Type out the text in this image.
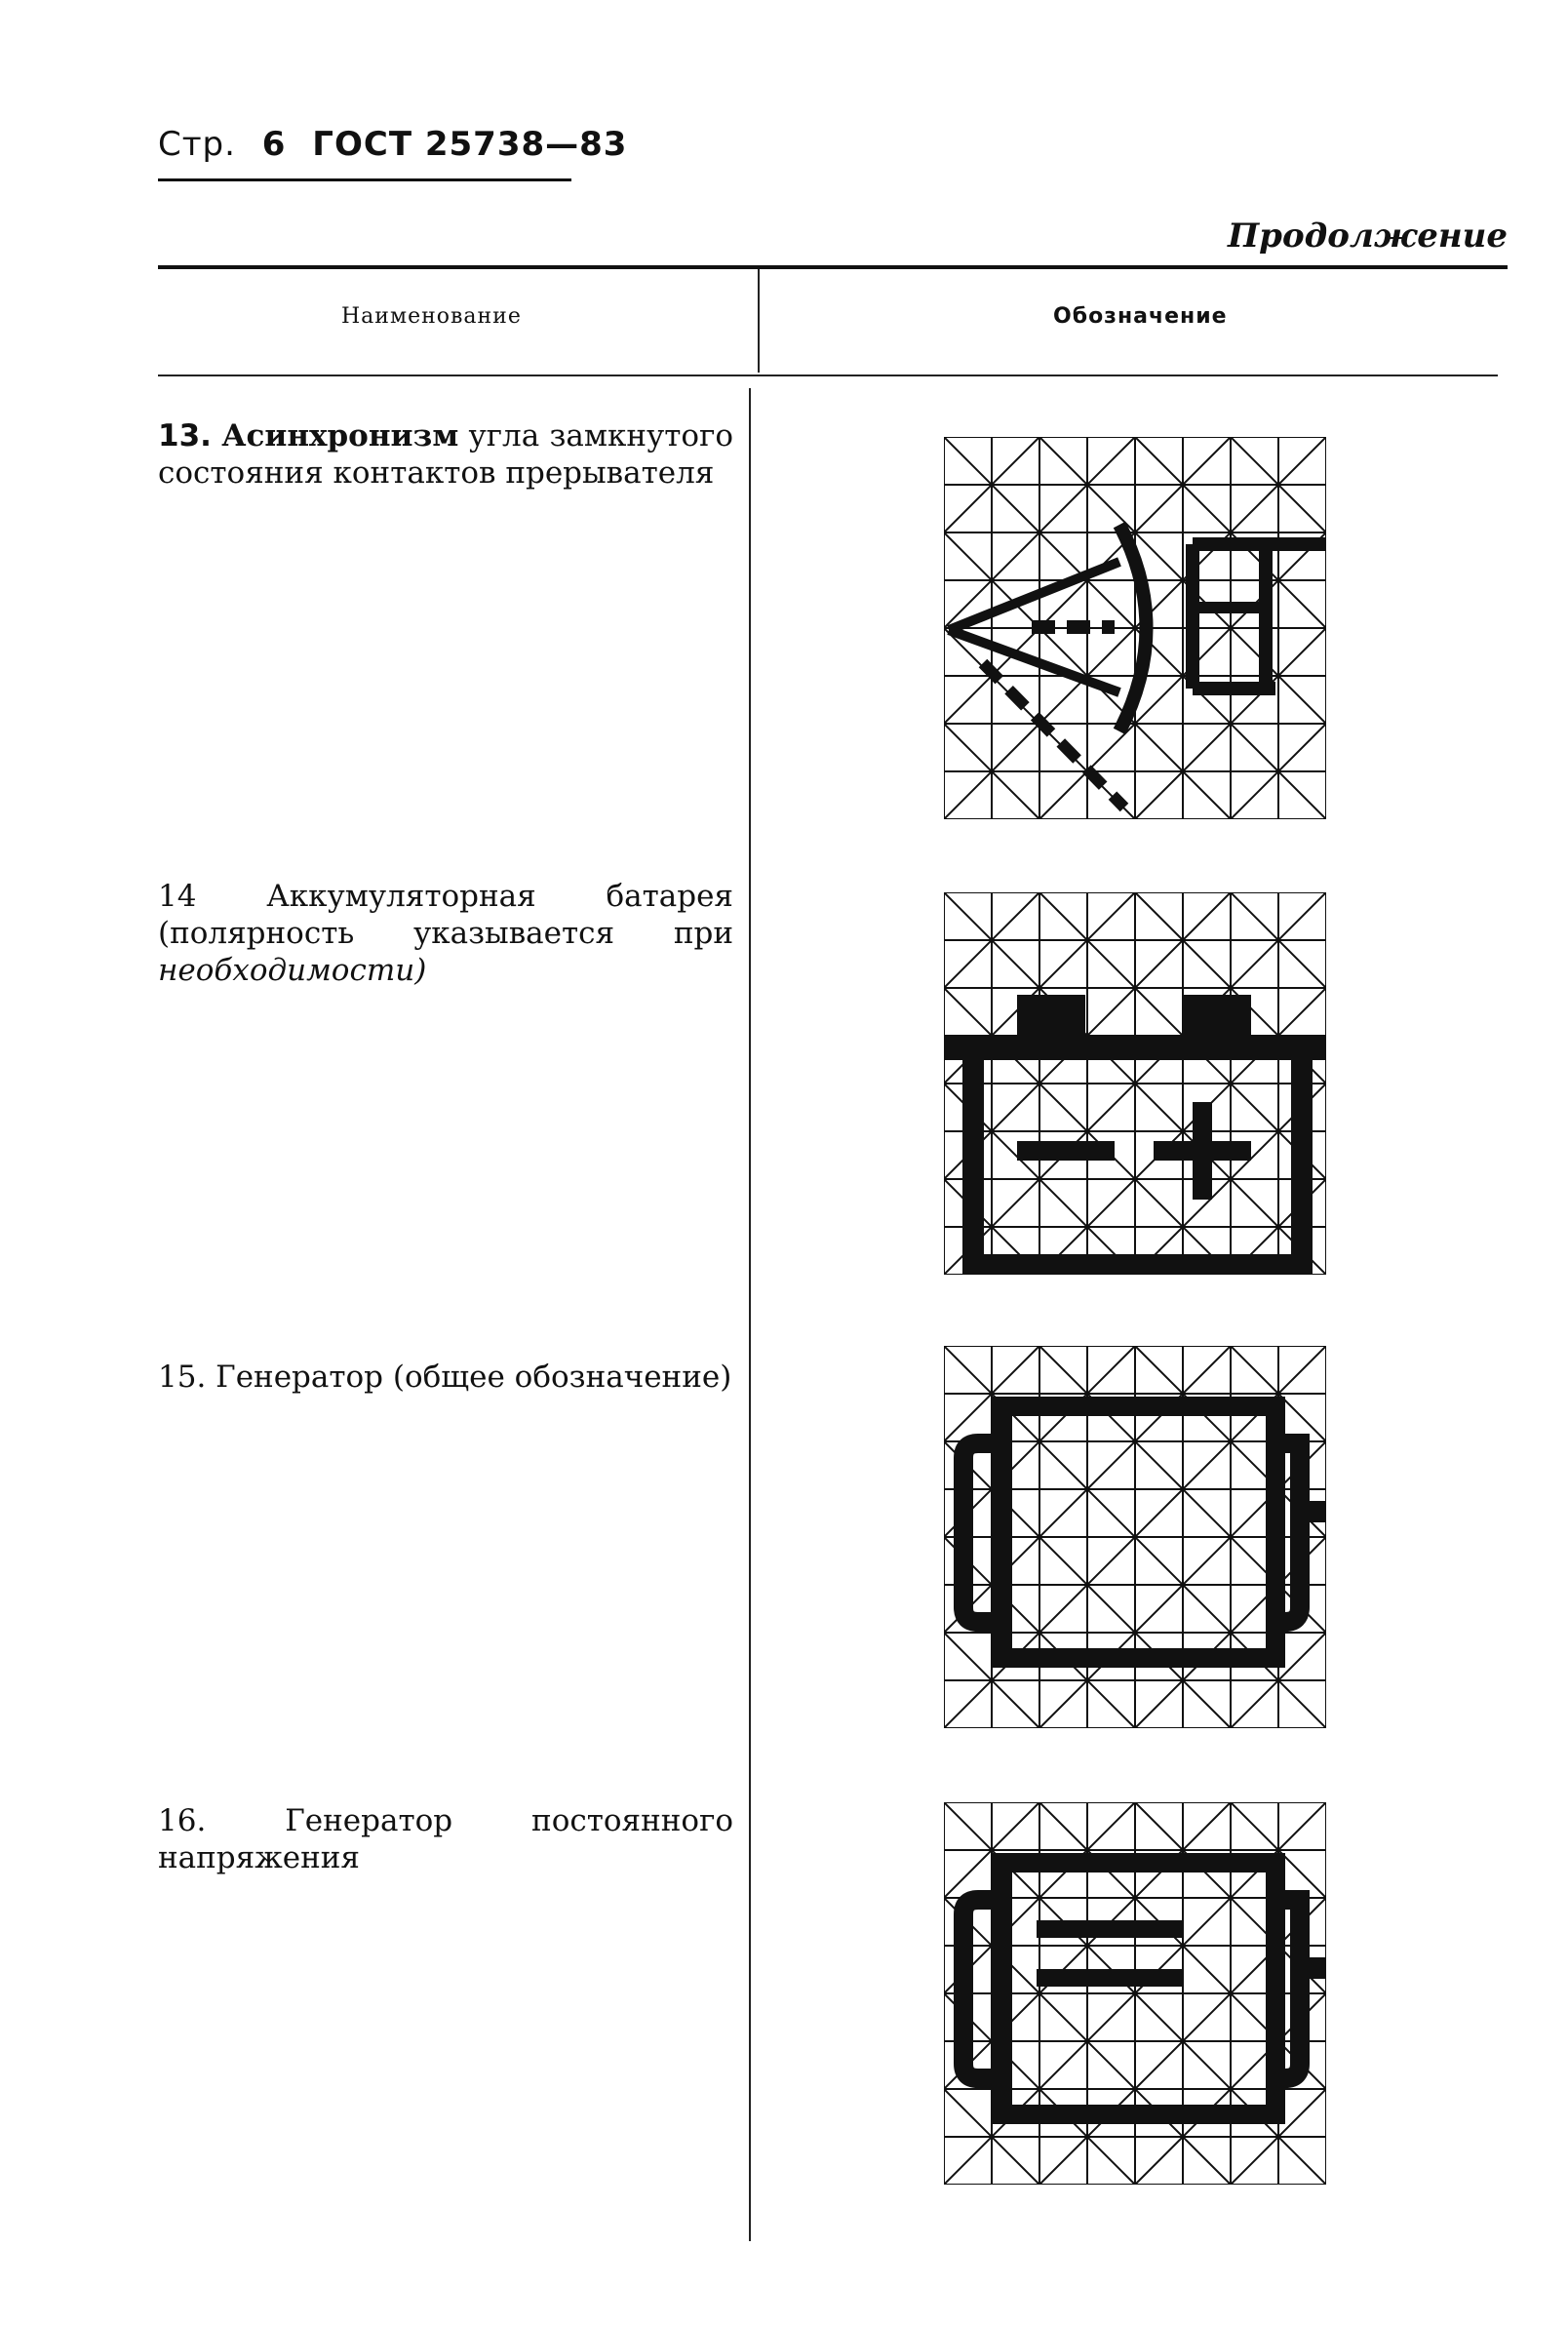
Стр. 6 ГОСТ 25738—83
Продолжение
Наименование	Обозначение
13. Асинхронизм угла замкнутого состояния контактов прерывателя
14 Аккумуляторная батарея (полярность указывается при необходимости)
15. Генератор (общее обозначение)
16. Генератор постоянного напряжения
